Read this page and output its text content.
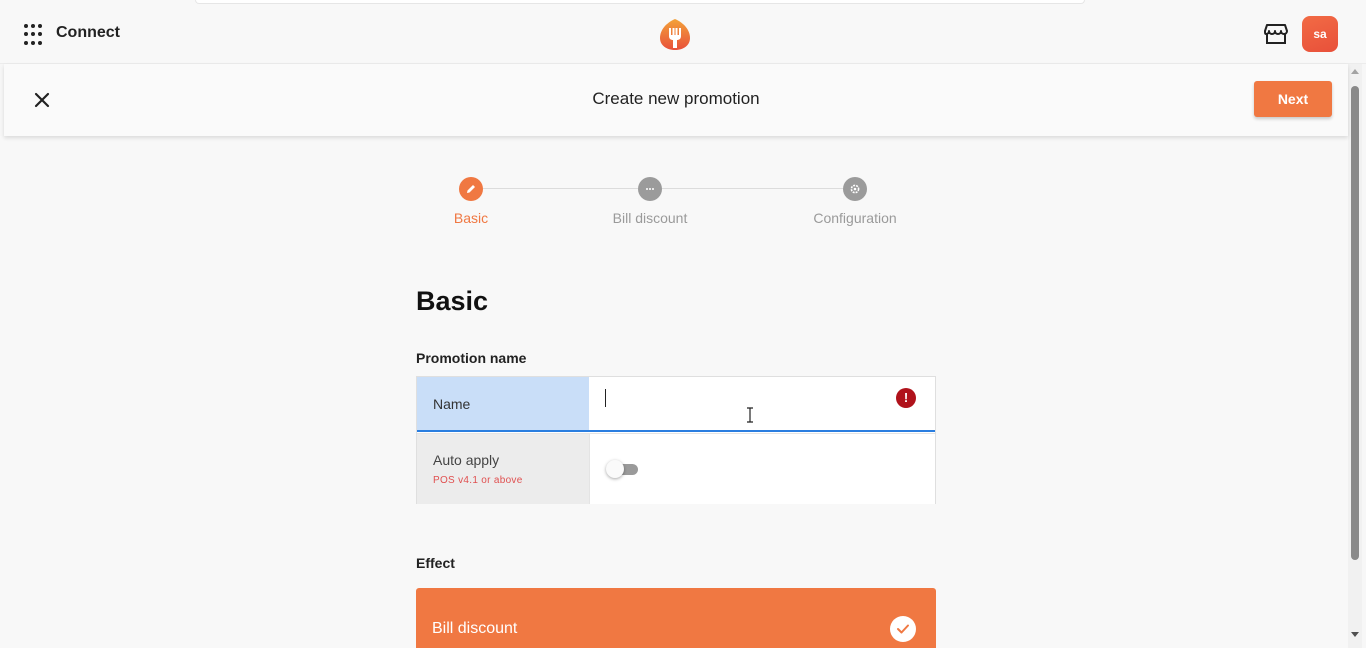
Connect	sa
Create new promotion	Next
Basic	Bill discount	Configuration
Basic
Promotion name
Name	!
Auto apply
POS v4.1 or above
Effect
Bill discount
